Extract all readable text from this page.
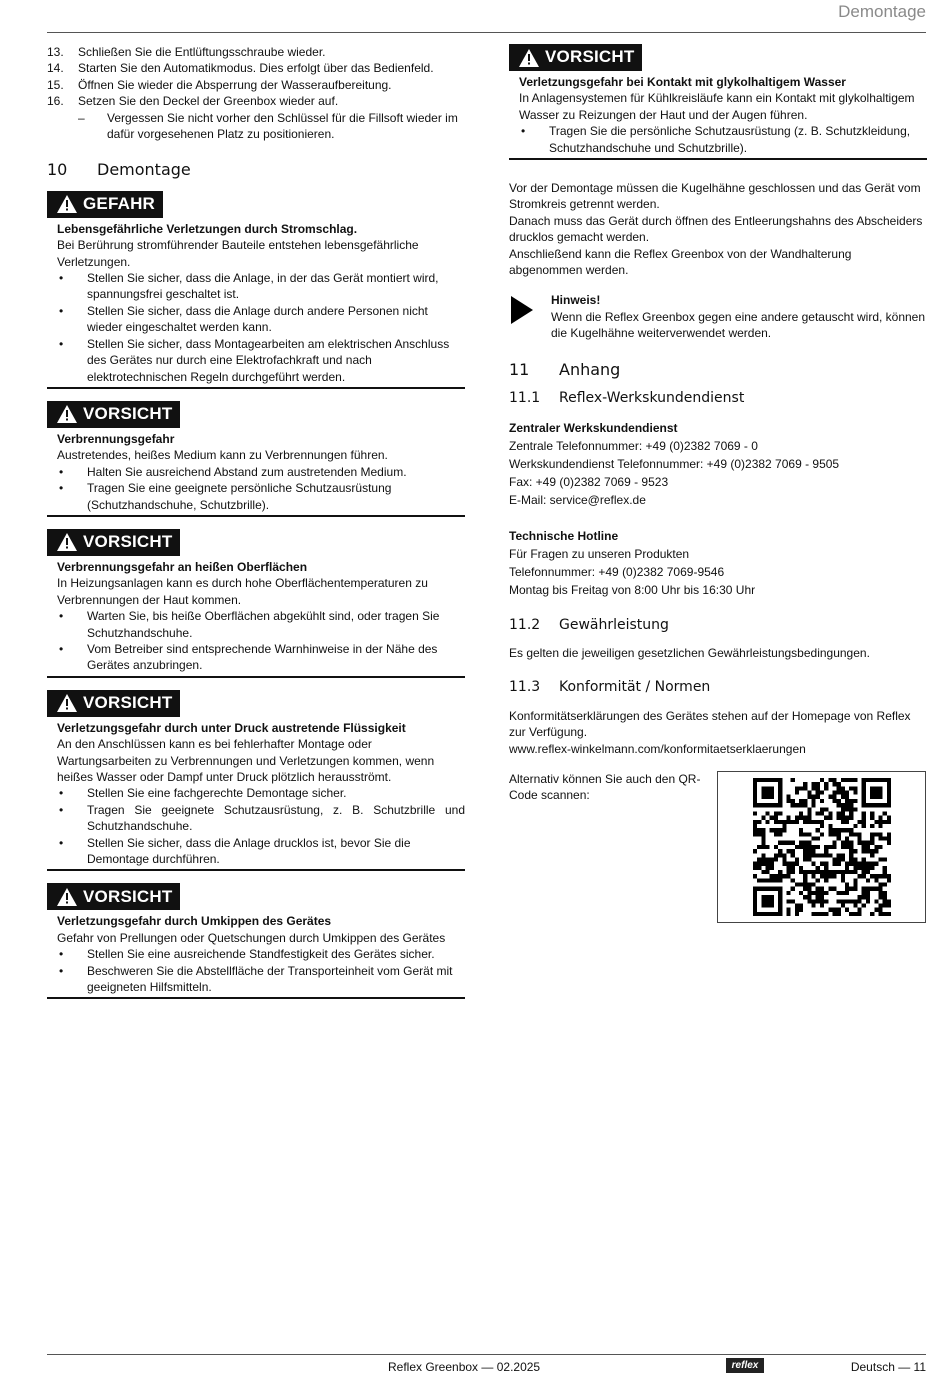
Demontage
13.	Schließen Sie die Entlüftungsschraube wieder.
14.	Starten Sie den Automatikmodus. Dies erfolgt über das Bedienfeld.
15.	Öffnen Sie wieder die Absperrung der Wasseraufbereitung.
16.	Setzen Sie den Deckel der Greenbox wieder auf.
–	Vergessen Sie nicht vorher den Schlüssel für die Fillsoft wieder im dafür vorgesehenen Platz zu positionieren.
10	Demontage
GEFAHR
Lebensgefährliche Verletzungen durch Stromschlag.
Bei Berührung stromführender Bauteile entstehen lebensgefährliche Verletzungen.
•	Stellen Sie sicher, dass die Anlage, in der das Gerät montiert wird, spannungsfrei geschaltet ist.
•	Stellen Sie sicher, dass die Anlage durch andere Personen nicht wieder eingeschaltet werden kann.
•	Stellen Sie sicher, dass Montagearbeiten am elektrischen Anschluss des Gerätes nur durch eine Elektrofachkraft und nach elektrotechnischen Regeln durchgeführt werden.
VORSICHT
Verbrennungsgefahr
Austretendes, heißes Medium kann zu Verbrennungen führen.
•	Halten Sie ausreichend Abstand zum austretenden Medium.
•	Tragen Sie eine geeignete persönliche Schutzausrüstung (Schutzhandschuhe, Schutzbrille).
VORSICHT
Verbrennungsgefahr an heißen Oberflächen
In Heizungsanlagen kann es durch hohe Oberflächentemperaturen zu Verbrennungen der Haut kommen.
•	Warten Sie, bis heiße Oberflächen abgekühlt sind, oder tragen Sie Schutzhandschuhe.
•	Vom Betreiber sind entsprechende Warnhinweise in der Nähe des Gerätes anzubringen.
VORSICHT
Verletzungsgefahr durch unter Druck austretende Flüssigkeit
An den Anschlüssen kann es bei fehlerhafter Montage oder Wartungsarbeiten zu Verbrennungen und Verletzungen kommen, wenn heißes Wasser oder Dampf unter Druck plötzlich herausströmt.
•	Stellen Sie eine fachgerechte Demontage sicher.
•	Tragen Sie geeignete Schutzausrüstung, z. B. Schutzbrille und Schutzhandschuhe.
•	Stellen Sie sicher, dass die Anlage drucklos ist, bevor Sie die Demontage durchführen.
VORSICHT
Verletzungsgefahr durch Umkippen des Gerätes
Gefahr von Prellungen oder Quetschungen durch Umkippen des Gerätes
•	Stellen Sie eine ausreichende Standfestigkeit des Gerätes sicher.
•	Beschweren Sie die Abstellfläche der Transporteinheit vom Gerät mit geeigneten Hilfsmitteln.
VORSICHT
Verletzungsgefahr bei Kontakt mit glykolhaltigem Wasser
In Anlagensystemen für Kühlkreisläufe kann ein Kontakt mit glykolhaltigem Wasser zu Reizungen der Haut und der Augen führen.
•	Tragen Sie die persönliche Schutzausrüstung (z. B. Schutzkleidung, Schutzhandschuhe und Schutzbrille).
Vor der Demontage müssen die Kugelhähne geschlossen und das Gerät vom Stromkreis getrennt werden.
Danach muss das Gerät durch öffnen des Entleerungshahns des Abscheiders drucklos gemacht werden.
Anschließend kann die Reflex Greenbox von der Wandhalterung abgenommen werden.
Hinweis!
Wenn die Reflex Greenbox gegen eine andere getauscht wird, können die Kugelhähne weiterverwendet werden.
11	Anhang
11.1	Reflex-Werkskundendienst
Zentraler Werkskundendienst
Zentrale Telefonnummer: +49 (0)2382 7069 - 0
Werkskundendienst Telefonnummer: +49 (0)2382 7069 - 9505
Fax: +49 (0)2382 7069 - 9523
E-Mail: service@reflex.de
Technische Hotline
Für Fragen zu unseren Produkten
Telefonnummer: +49 (0)2382 7069-9546
Montag bis Freitag von 8:00 Uhr bis 16:30 Uhr
11.2	Gewährleistung
Es gelten die jeweiligen gesetzlichen Gewährleistungsbedingungen.
11.3	Konformität / Normen
Konformitätserklärungen des Gerätes stehen auf der Homepage von Reflex zur Verfügung.
www.reflex-winkelmann.com/konformitaetserklaerungen
Alternativ können Sie auch den QR-Code scannen:
Reflex Greenbox — 02.2025	reflex	Deutsch — 11
